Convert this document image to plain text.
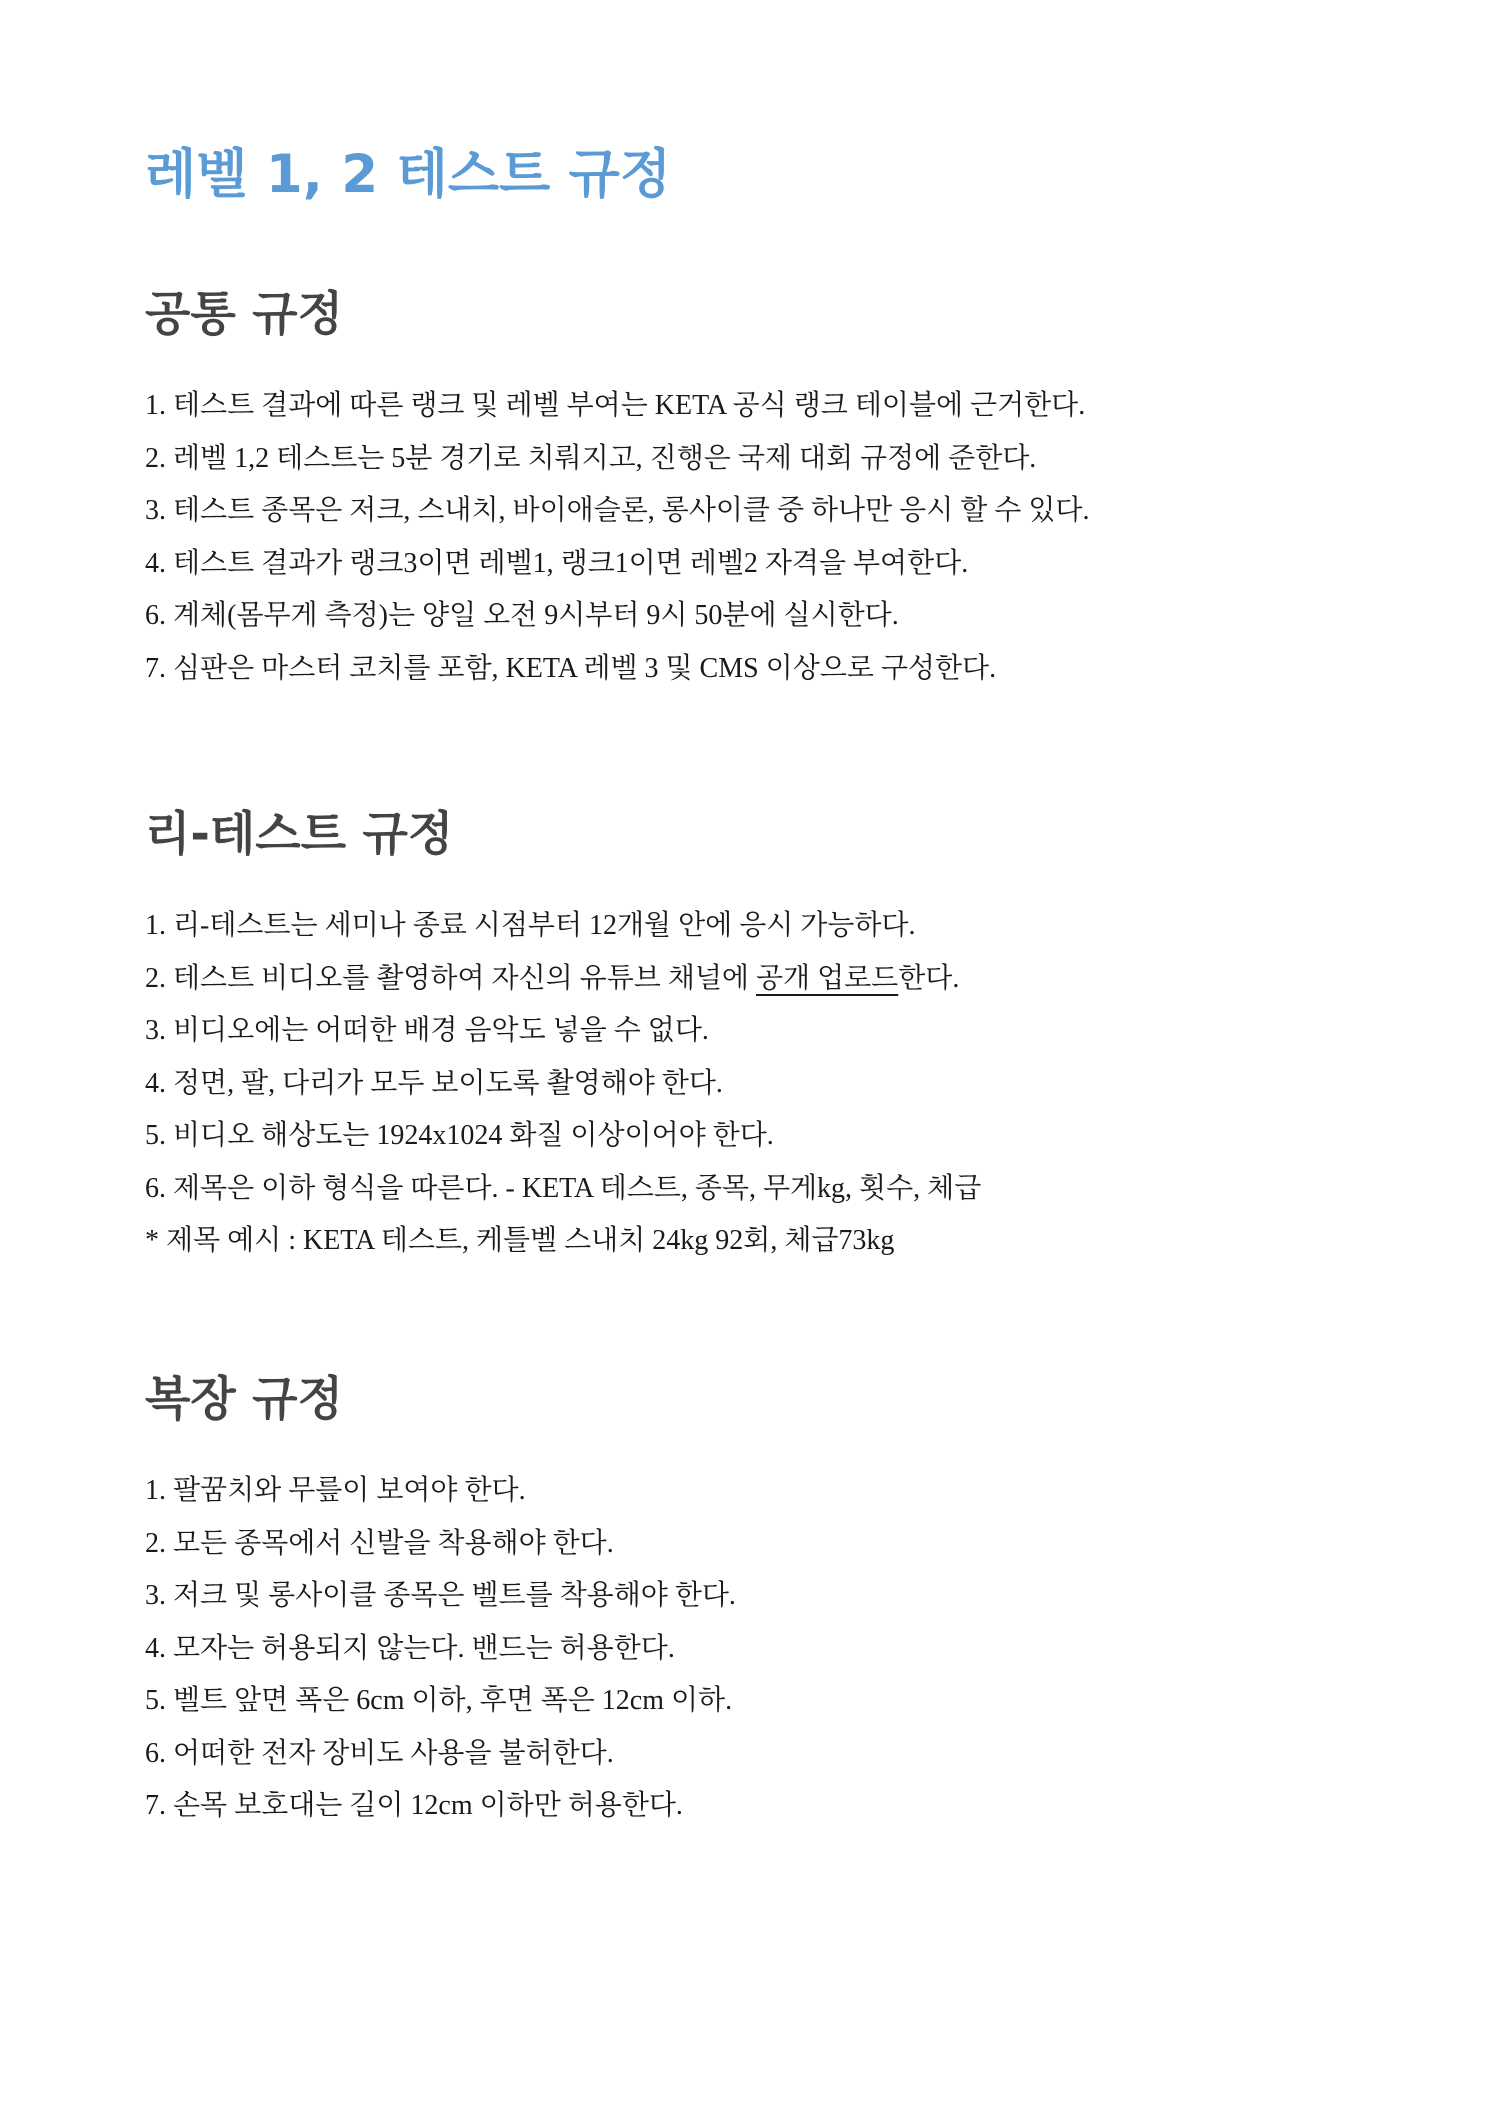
레벨 1, 2 테스트 규정
공통 규정
1. 테스트 결과에 따른 랭크 및 레벨 부여는 KETA 공식 랭크 테이블에 근거한다.
2. 레벨 1,2 테스트는 5분 경기로 치뤄지고, 진행은 국제 대회 규정에 준한다.
3. 테스트 종목은 저크, 스내치, 바이애슬론, 롱사이클 중 하나만 응시 할 수 있다.
4. 테스트 결과가 랭크3이면 레벨1, 랭크1이면 레벨2 자격을 부여한다.
6. 계체(몸무게 측정)는 양일 오전 9시부터 9시 50분에 실시한다.
7. 심판은 마스터 코치를 포함, KETA 레벨 3 및 CMS 이상으로 구성한다.
리-테스트 규정
1. 리-테스트는 세미나 종료 시점부터 12개월 안에 응시 가능하다.
2. 테스트 비디오를 촬영하여 자신의 유튜브 채널에 공개 업로드한다.
3. 비디오에는 어떠한 배경 음악도 넣을 수 없다.
4. 정면, 팔, 다리가 모두 보이도록 촬영해야 한다.
5. 비디오 해상도는 1924x1024 화질 이상이어야 한다.
6. 제목은 이하 형식을 따른다. - KETA 테스트, 종목, 무게kg, 횟수, 체급
* 제목 예시 : KETA 테스트, 케틀벨 스내치 24kg 92회, 체급73kg
복장 규정
1. 팔꿈치와 무릎이 보여야 한다.
2. 모든 종목에서 신발을 착용해야 한다.
3. 저크 및 롱사이클 종목은 벨트를 착용해야 한다.
4. 모자는 허용되지 않는다. 밴드는 허용한다.
5. 벨트 앞면 폭은 6cm 이하, 후면 폭은 12cm 이하.
6. 어떠한 전자 장비도 사용을 불허한다.
7. 손목 보호대는 길이 12cm 이하만 허용한다.
